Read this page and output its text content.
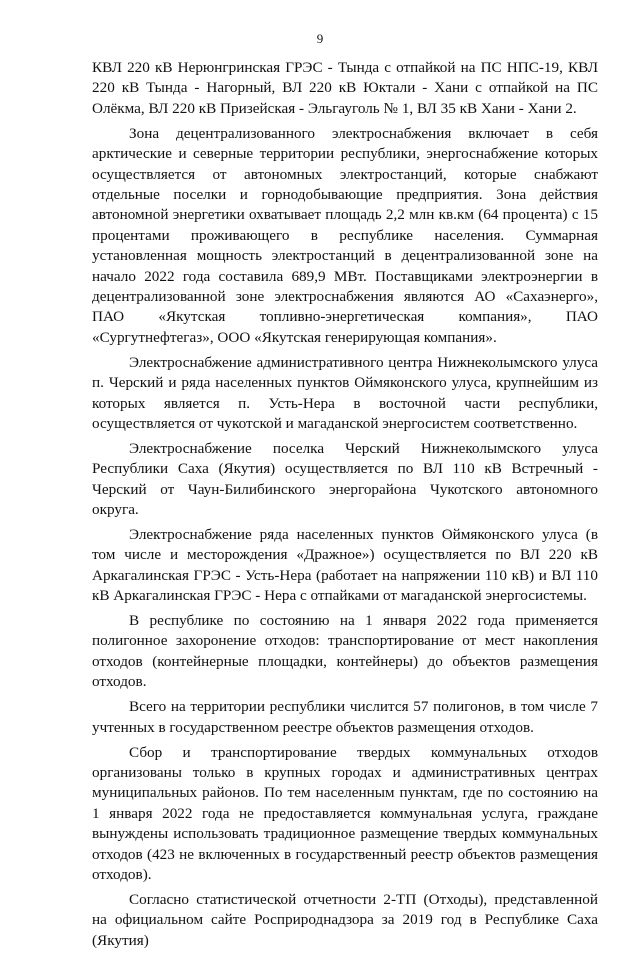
9

КВЛ 220 кВ Нерюнгринская ГРЭС - Тында с отпайкой на ПС НПС-19, КВЛ 220 кВ Тында - Нагорный, ВЛ 220 кВ Юктали - Хани с отпайкой на ПС Олёкма, ВЛ 220 кВ Призейская - Эльгауголь № 1, ВЛ 35 кВ Хани - Хани 2.

Зона децентрализованного электроснабжения включает в себя арктические и северные территории республики, энергоснабжение которых осуществляется от автономных электростанций, которые снабжают отдельные поселки и горнодобывающие предприятия. Зона действия автономной энергетики охватывает площадь 2,2 млн кв.км (64 процента) с 15 процентами проживающего в республике населения. Суммарная установленная мощность электростанций в децентрализованной зоне на начало 2022 года составила 689,9 МВт. Поставщиками электроэнергии в децентрализованной зоне электроснабжения являются АО «Сахаэнерго», ПАО «Якутская топливно-энергетическая компания», ПАО «Сургутнефтегаз», ООО «Якутская генерирующая компания».

Электроснабжение административного центра Нижнеколымского улуса п. Черский и ряда населенных пунктов Оймяконского улуса, крупнейшим из которых является п. Усть-Нера в восточной части республики, осуществляется от чукотской и магаданской энергосистем соответственно.

Электроснабжение поселка Черский Нижнеколымского улуса Республики Саха (Якутия) осуществляется по ВЛ 110 кВ Встречный - Черский от Чаун-Билибинского энергорайона Чукотского автономного округа.

Электроснабжение ряда населенных пунктов Оймяконского улуса (в том числе и месторождения «Дражное») осуществляется по ВЛ 220 кВ Аркагалинская ГРЭС - Усть-Нера (работает на напряжении 110 кВ) и ВЛ 110 кВ Аркагалинская ГРЭС - Нера с отпайками от магаданской энергосистемы.

В республике по состоянию на 1 января 2022 года применяется полигонное захоронение отходов: транспортирование от мест накопления отходов (контейнерные площадки, контейнеры) до объектов размещения отходов.

Всего на территории республики числится 57 полигонов, в том числе 7 учтенных в государственном реестре объектов размещения отходов.

Сбор и транспортирование твердых коммунальных отходов организованы только в крупных городах и административных центрах муниципальных районов. По тем населенным пунктам, где по состоянию на 1 января 2022 года не предоставляется коммунальная услуга, граждане вынуждены использовать традиционное размещение твердых коммунальных отходов (423 не включенных в государственный реестр объектов размещения отходов).

Согласно статистической отчетности 2-ТП (Отходы), представленной на официальном сайте Росприроднадзора за 2019 год в Республике Саха (Якутия)
